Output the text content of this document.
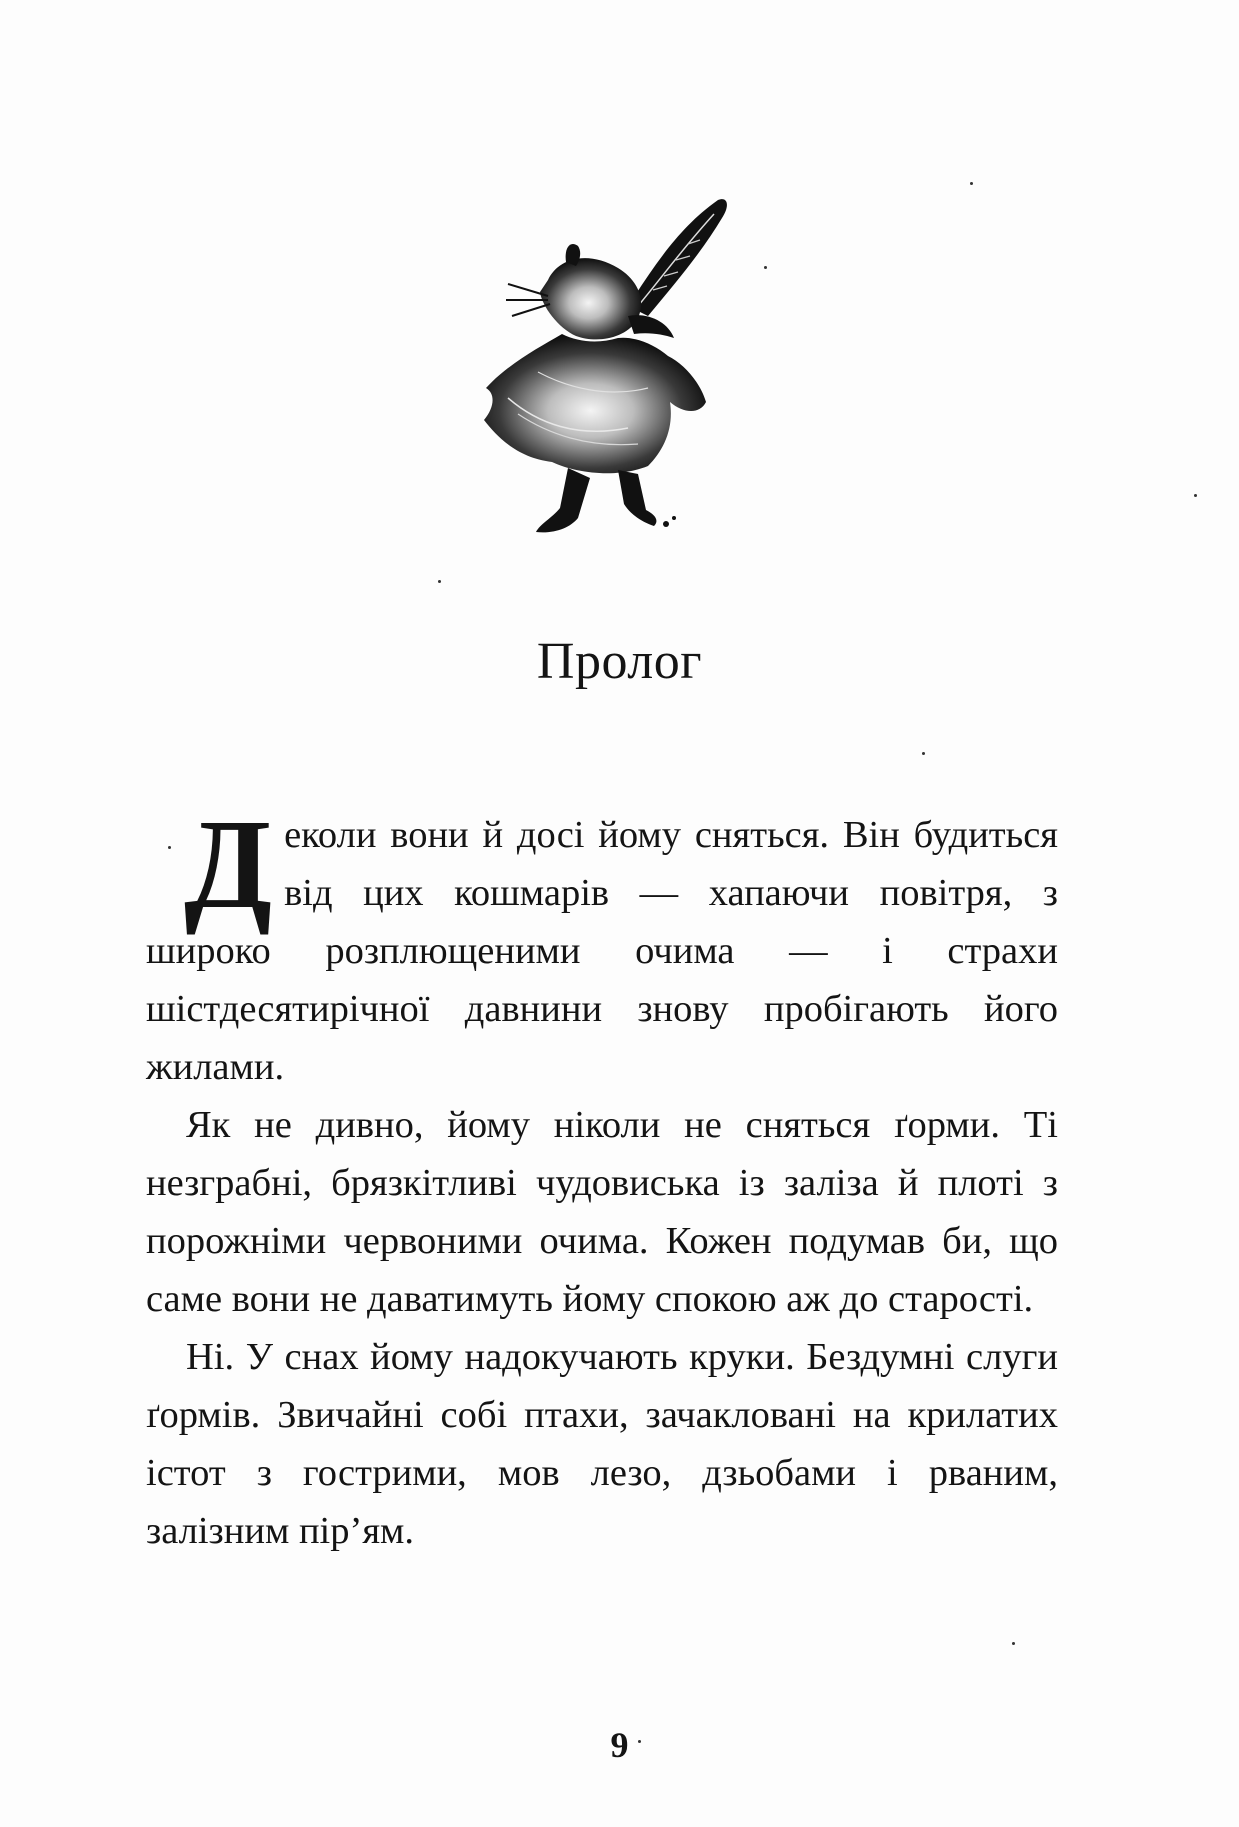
Пролог

Деколи вони й досі йому сняться. Він будиться від цих кошмарів — хапаючи повітря, з широко розплющеними очима — і страхи шістдесятирічної давнини знову пробігають його жилами.

Як не дивно, йому ніколи не сняться ґорми. Ті незграбні, брязкітливі чудовиська із заліза й плоті з порожніми червоними очима. Кожен подумав би, що саме вони не даватимуть йому спокою аж до старості.

Ні. У снах йому надокучають круки. Бездумні слуги ґормів. Звичайні собі птахи, зачакловані на крилатих істот з гострими, мов лезо, дзьобами і рваним, залізним пір’ям.

9
